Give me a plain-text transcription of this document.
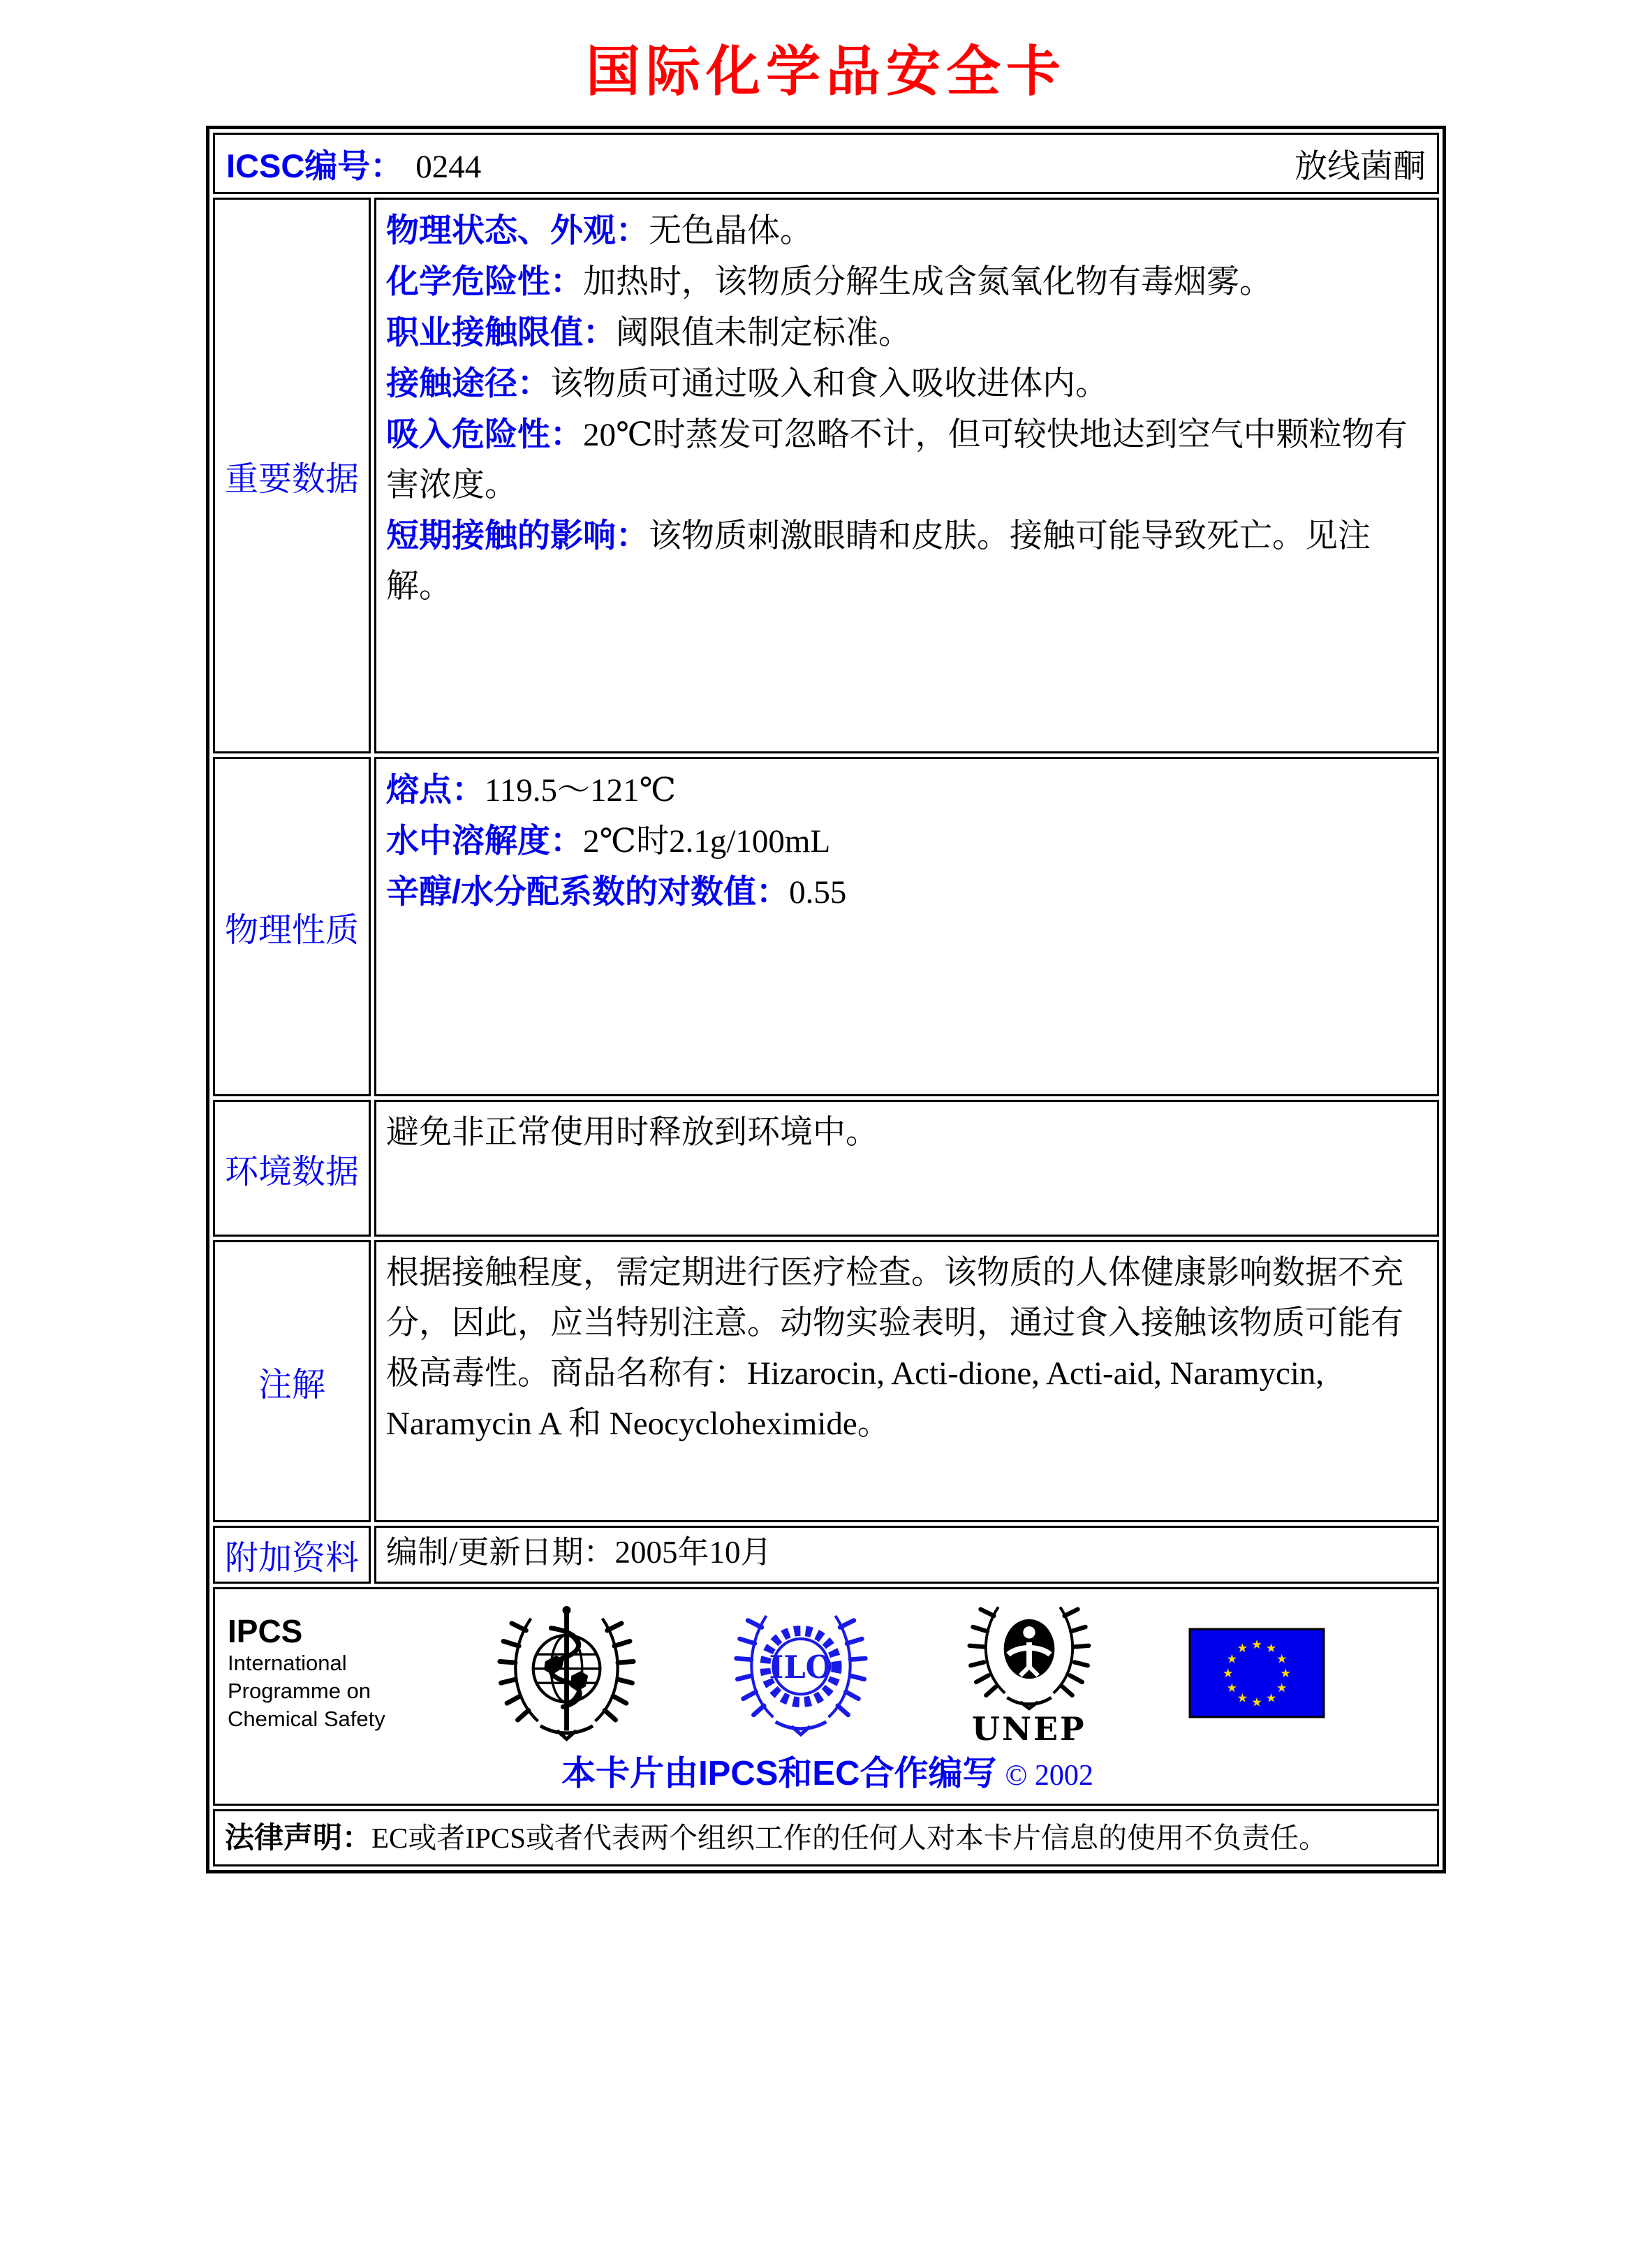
国际化学品安全卡
ICSC编号： 0244	放线菌酮
重要数据
物理状态、外观：无色晶体。
化学危险性：加热时，该物质分解生成含氮氧化物有毒烟雾。
职业接触限值：阈限值未制定标准。
接触途径：该物质可通过吸入和食入吸收进体内。
吸入危险性：20℃时蒸发可忽略不计，但可较快地达到空气中颗粒物有害浓度。
短期接触的影响：该物质刺激眼睛和皮肤。接触可能导致死亡。见注解。
物理性质
熔点：119.5～121℃
水中溶解度：2℃时2.1g/100mL
辛醇/水分配系数的对数值：0.55
环境数据
避免非正常使用时释放到环境中。
注解
根据接触程度，需定期进行医疗检查。该物质的人体健康影响数据不充分，因此，应当特别注意。动物实验表明，通过食入接触该物质可能有极高毒性。商品名称有：Hizarocin, Acti-dione, Acti-aid, Naramycin, Naramycin A 和 Neocycloheximide。
附加资料 编制/更新日期：2005年10月
IPCS
International
Programme on
Chemical Safety
ILO
UNEP
★ ★
★
★
★
★
★
★
★
★
★
★
本卡片由IPCS和EC合作编写 © 2002
法律声明：EC或者IPCS或者代表两个组织工作的任何人对本卡片信息的使用不负责任。
